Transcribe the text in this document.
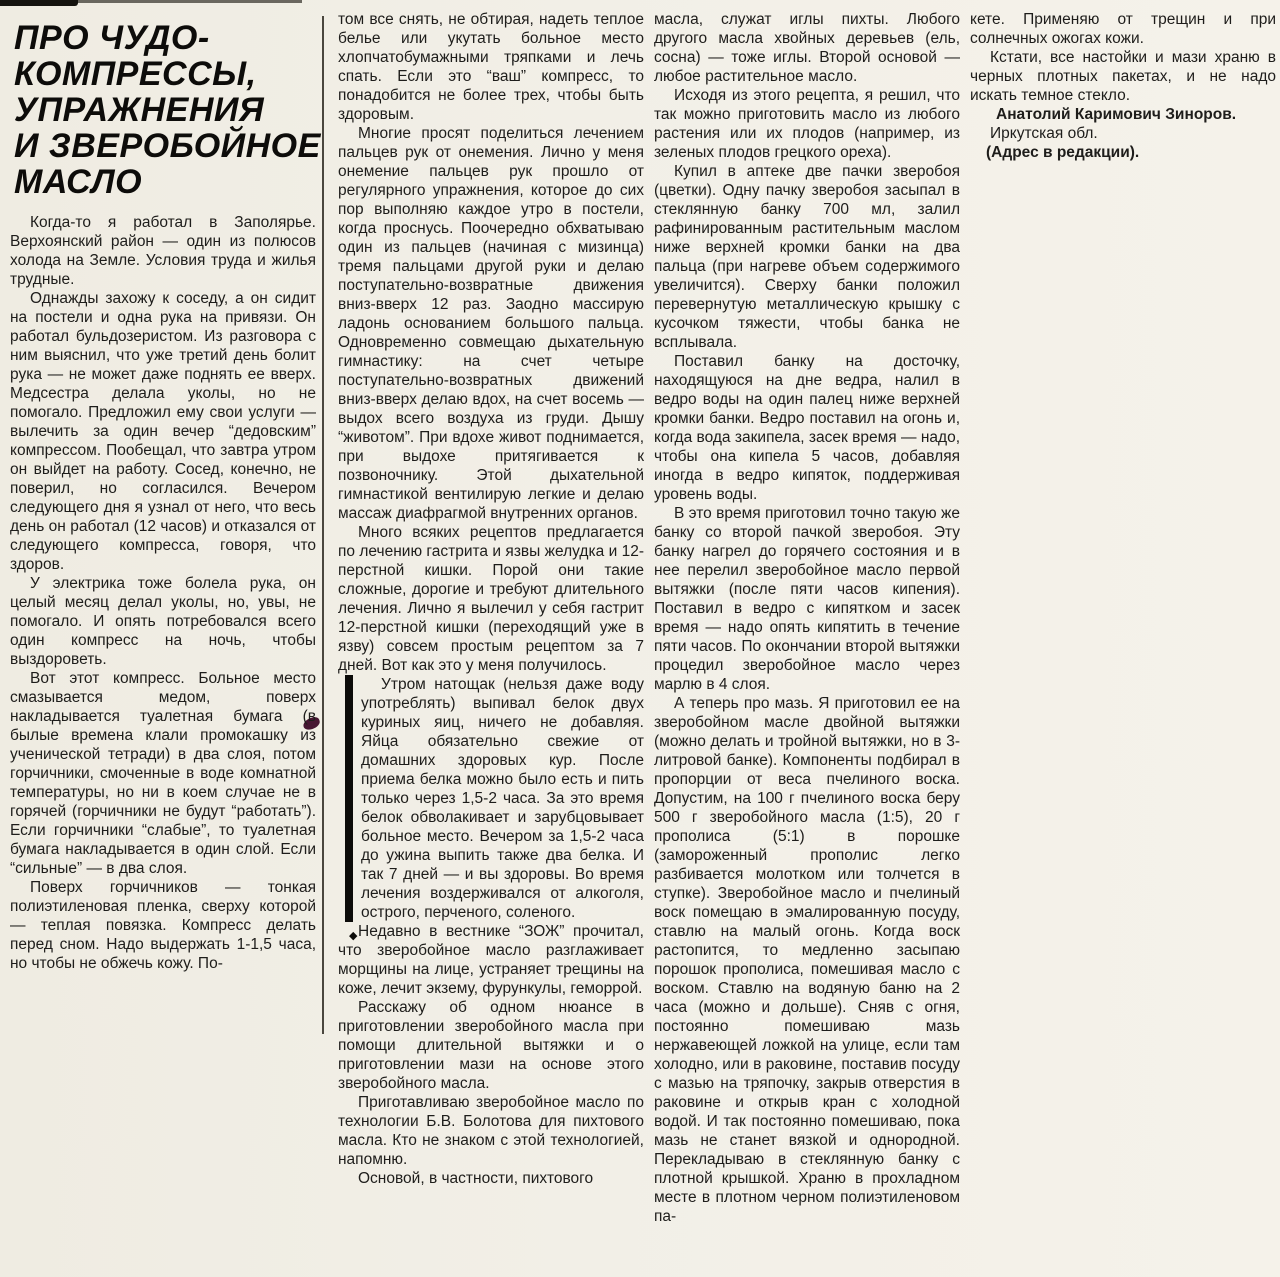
ПРО ЧУДО-
КОМПРЕССЫ,
УПРАЖНЕНИЯ
И ЗВЕРОБОЙНОЕ
МАСЛО

Когда-то я работал в Заполярье. Верхоянский район — один из полюсов холода на Земле. Условия труда и жилья трудные.

Однажды захожу к соседу, а он сидит на постели и одна рука на привязи. Он работал бульдозеристом. Из разговора с ним выяснил, что уже третий день болит рука — не может даже поднять ее вверх. Медсестра делала уколы, но не помогало. Предложил ему свои услуги — вылечить за один вечер “дедовским” компрессом. Пообещал, что завтра утром он выйдет на работу. Сосед, конечно, не поверил, но согласился. Вечером следующего дня я узнал от него, что весь день он работал (12 часов) и отказался от следующего компресса, говоря, что здоров.

У электрика тоже болела рука, он целый месяц делал уколы, но, увы, не помогало. И опять потребовался всего один компресс на ночь, чтобы выздороветь.

Вот этот компресс. Больное место смазывается медом, поверх накладывается туалетная бумага (в былые времена клали промокашку из ученической тетради) в два слоя, потом горчичники, смоченные в воде комнатной температуры, но ни в коем случае не в горячей (горчичники не будут “работать”). Если горчичники “слабые”, то туалетная бумага накладывается в один слой. Если “сильные” — в два слоя.

Поверх горчичников — тонкая полиэтиленовая пленка, сверху которой — теплая повязка. Компресс делать перед сном. Надо выдержать 1-1,5 часа, но чтобы не обжечь кожу. По-

том все снять, не обтирая, надеть теплое белье или укутать больное место хлопчатобумажными тряпками и лечь спать. Если это “ваш” компресс, то понадобится не более трех, чтобы быть здоровым.

Многие просят поделиться лечением пальцев рук от онемения. Лично у меня онемение пальцев рук прошло от регулярного упражнения, которое до сих пор выполняю каждое утро в постели, когда проснусь. Поочередно обхватываю один из пальцев (начиная с мизинца) тремя пальцами другой руки и делаю поступательно-возвратные движения вниз-вверх 12 раз. Заодно массирую ладонь основанием большого пальца. Одновременно совмещаю дыхательную гимнастику: на счет четыре поступательно-возвратных движений вниз-вверх делаю вдох, на счет восемь — выдох всего воздуха из груди. Дышу “животом”. При вдохе живот поднимается, при выдохе притягивается к позвоночнику. Этой дыхательной гимнастикой вентилирую легкие и делаю массаж диафрагмой внутренних органов.

Много всяких рецептов предлагается по лечению гастрита и язвы желудка и 12-перстной кишки. Порой они такие сложные, дорогие и требуют длительного лечения. Лично я вылечил у себя гастрит 12-перстной кишки (переходящий уже в язву) совсем простым рецептом за 7 дней. Вот как это у меня получилось.

Утром натощак (нельзя даже воду употреблять) выпивал белок двух куриных яиц, ничего не добавляя. Яйца обязательно свежие от домашних здоровых кур. После приема белка можно было есть и пить только через 1,5-2 часа. За это время белок обволакивает и зарубцовывает больное место. Вечером за 1,5-2 часа до ужина выпить также два белка. И так 7 дней — и вы здоровы. Во время лечения воздерживался от алкоголя, острого, перченого, соленого.

◆ Недавно в вестнике “ЗОЖ” прочитал, что зверобойное масло разглаживает морщины на лице, устраняет трещины на коже, лечит экзему, фурункулы, геморрой.

Расскажу об одном нюансе в приготовлении зверобойного масла при помощи длительной вытяжки и о приготовлении мази на основе этого зверобойного масла.

Приготавливаю зверобойное масло по технологии Б.В. Болотова для пихтового масла. Кто не знаком с этой технологией, напомню.

Основой, в частности, пихтового

масла, служат иглы пихты. Любого другого масла хвойных деревьев (ель, сосна) — тоже иглы. Второй основой — любое растительное масло.

Исходя из этого рецепта, я решил, что так можно приготовить масло из любого растения или их плодов (например, из зеленых плодов грецкого ореха).

Купил в аптеке две пачки зверобоя (цветки). Одну пачку зверобоя засыпал в стеклянную банку 700 мл, залил рафинированным растительным маслом ниже верхней кромки банки на два пальца (при нагреве объем содержимого увеличится). Сверху банки положил перевернутую металлическую крышку с кусочком тяжести, чтобы банка не всплывала.

Поставил банку на досточку, находящуюся на дне ведра, налил в ведро воды на один палец ниже верхней кромки банки. Ведро поставил на огонь и, когда вода закипела, засек время — надо, чтобы она кипела 5 часов, добавляя иногда в ведро кипяток, поддерживая уровень воды.

В это время приготовил точно такую же банку со второй пачкой зверобоя. Эту банку нагрел до горячего состояния и в нее перелил зверобойное масло первой вытяжки (после пяти часов кипения). Поставил в ведро с кипятком и засек время — надо опять кипятить в течение пяти часов. По окончании второй вытяжки процедил зверобойное масло через марлю в 4 слоя.

А теперь про мазь. Я приготовил ее на зверобойном масле двойной вытяжки (можно делать и тройной вытяжки, но в 3-литровой банке). Компоненты подбирал в пропорции от веса пчелиного воска. Допустим, на 100 г пчелиного воска беру 500 г зверобойного масла (1:5), 20 г прополиса (5:1) в порошке (замороженный прополис легко разбивается молотком или толчется в ступке). Зверобойное масло и пчелиный воск помещаю в эмалированную посуду, ставлю на малый огонь. Когда воск растопится, то медленно засыпаю порошок прополиса, помешивая масло с воском. Ставлю на водяную баню на 2 часа (можно и дольше). Сняв с огня, постоянно помешиваю мазь нержавеющей ложкой на улице, если там холодно, или в раковине, поставив посуду с мазью на тряпочку, закрыв отверстия в раковине и открыв кран с холодной водой. И так постоянно помешиваю, пока мазь не станет вязкой и однородной. Перекладываю в стеклянную банку с плотной крышкой. Храню в прохладном месте в плотном черном полиэтиленовом па-

кете. Применяю от трещин и при солнечных ожогах кожи.

Кстати, все настойки и мази храню в черных плотных пакетах, и не надо искать темное стекло.

Анатолий Каримович Зиноров.

Иркутская обл.

(Адрес в редакции).
